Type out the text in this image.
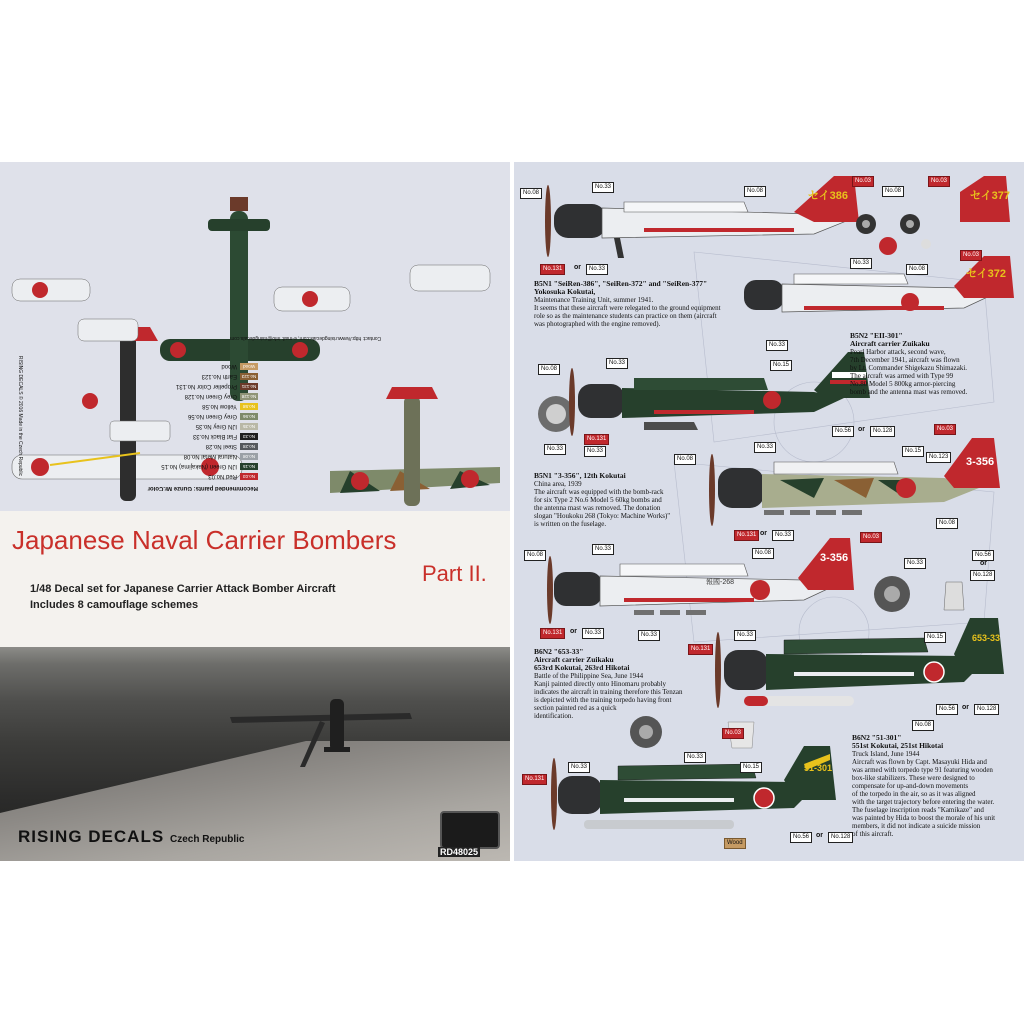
Recommended paints: Gunze Mr.Color
No.03Red No.03
No.15IJN Green (Nakajima) No.15
No.08Natural Metal No.08
No.28Steel No.28
No.33Flat Black No.33
No.35IJN Grey No.35
No.56Grey Green No.56
No.58Yellow No.58
No.128Grey Green No.128
No.131Propeller Color No.131
No.123Earth No.123
WoodWood
RISING DECALS © 2016 Made in the Czech Republic
Contact: http://www.risingdecals.com, e-mail: info@risingdecals.com
Japanese Naval Carrier Bombers
Part II.
1/48 Decal set for Japanese Carrier Attack Bomber Aircraft
Includes 8 camouflage schemes
RISING DECALS Czech Republic
RD48025
セイ386	セイ377
セイ372
3-356
3-356
報國-268
653-33
51-301
No.08
No.33
No.08
No.03	No.03
No.08
No.131	or	No.33
No.33
No.08
No.03
No.08
No.33
No.33
No.15
No.131
No.33	No.33
No.56 or	No.128
No.08
No.33
No.15
No.123
No.03
No.08
No.131 or	No.33	No.03
No.08
No.33
No.08
No.33
No.56
or
No.128
No.131	or	No.33	No.33	No.33	No.15
No.131
No.56 or	No.128
No.08
No.03
No.33
No.131
No.33	No.15
No.56 or	No.128
Wood
B5N1 "SeiRen-386", "SeiRen-372" and "SeiRen-377"
Yokosuka Kokutai,
Maintenance Training Unit, summer 1941.
It seems that these aircraft were relegated to the ground equipment
role so as the maintenance students can practice on them (aircraft
was photographed with the engine removed).
B5N2 "EII-301"
Aircraft carrier Zuikaku
Pearl Harbor attack, second wave,
7th December 1941, aircraft was flown
by Lt. Commander Shigekazu Shimazaki.
The aircraft was armed with Type 99
No.80 Model 5 800kg armor-piercing
bomb and the antenna mast was removed.
B5N1 "3-356", 12th Kokutai
China area, 1939
The aircraft was equipped with the bomb-rack
for six Type 2 No.6 Model 5 60kg bombs and
the antenna mast was removed. The donation
slogan "Houkoku 268 (Tokyo: Machine Works)"
is written on the fuselage.
B6N2 "653-33"
Aircraft carrier Zuikaku
653rd Kokutai, 263rd Hikotai
Battle of the Philippine Sea, June 1944
Kanji painted directly onto Hinomaru probably
indicates the aircraft in training therefore this Tenzan
is depicted with the training torpedo having front
section painted red as a quick
identification.
B6N2 "51-301"
551st Kokutai, 251st Hikotai
Truck Island, June 1944
Aircraft was flown by Capt. Masayuki Hida and
was armed with torpedo type 91 featuring wooden
box-like stabilizers. These were designed to
compensate for up-and-down movements
of the torpedo in the air, so as it was aligned
with the target trajectory before entering the water.
The fuselage inscription reads "Kamikaze" and
was painted by Hida to boost the morale of his unit
members, it did not indicate a suicide mission
of this aircraft.
